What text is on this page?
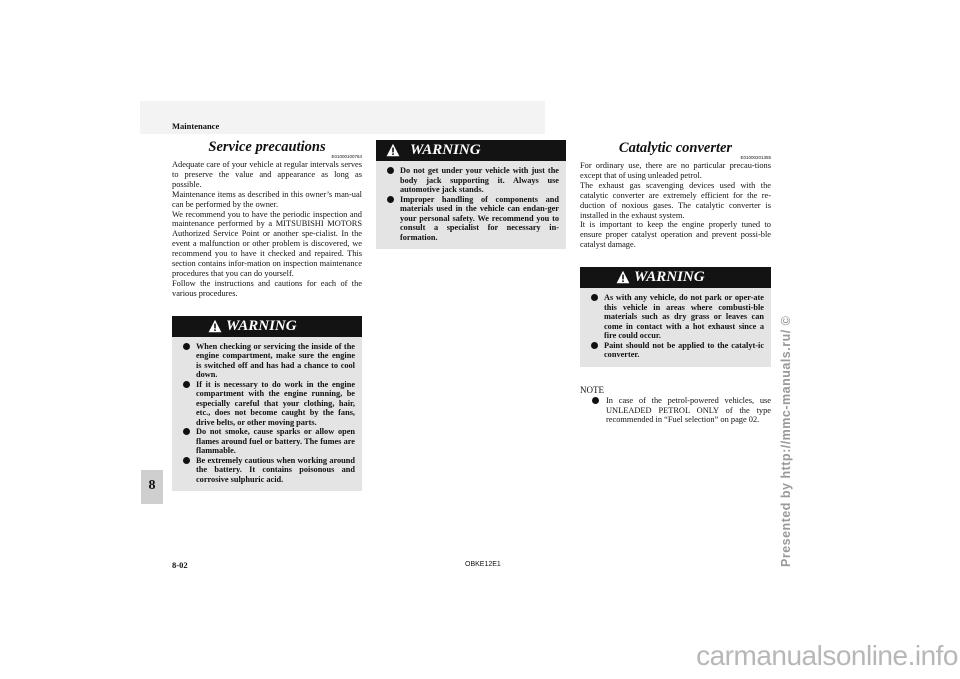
Maintenance
8
Service precautions
E01000100764

Adequate care of your vehicle at regular intervals serves to preserve the value and appearance as long as possible.

Maintenance items as described in this owner’s man-ual can be performed by the owner.

We recommend you to have the periodic inspection and maintenance performed by a MITSUBISHI MOTORS Authorized Service Point or another spe-cialist. In the event a malfunction or other problem is discovered, we recommend you to have it checked and repaired. This section contains infor-mation on inspection maintenance procedures that you can do yourself.

Follow the instructions and cautions for each of the various procedures.

WARNING
When checking or servicing the inside of the engine compartment, make sure the engine is switched off and has had a chance to cool down.
If it is necessary to do work in the engine compartment with the engine running, be especially careful that your clothing, hair, etc., does not become caught by the fans, drive belts, or other moving parts.
Do not smoke, cause sparks or allow open flames around fuel or battery. The fumes are flammable.
Be extremely cautious when working around the battery. It contains poisonous and corrosive sulphuric acid.
WARNING
Do not get under your vehicle with just the body jack supporting it. Always use automotive jack stands.
Improper handling of components and materials used in the vehicle can endan-ger your personal safety. We recommend you to consult a specialist for necessary in-formation.
Catalytic converter
E01000201355

For ordinary use, there are no particular precau-tions except that of using unleaded petrol.

The exhaust gas scavenging devices used with the catalytic converter are extremely efficient for the re-duction of noxious gases. The catalytic converter is installed in the exhaust system.

It is important to keep the engine properly tuned to ensure proper catalyst operation and prevent possi-ble catalyst damage.

WARNING
As with any vehicle, do not park or oper-ate this vehicle in areas where combusti-ble materials such as dry grass or leaves can come in contact with a hot exhaust since a fire could occur.
Paint should not be applied to the catalyt-ic converter.
NOTE
In case of the petrol-powered vehicles, use UNLEADED PETROL ONLY of the type recommended in “Fuel selection” on page 02.
8-02	OBKE12E1	Presented by http://mmc-manuals.ru/ ©
carmanualsonline.info
